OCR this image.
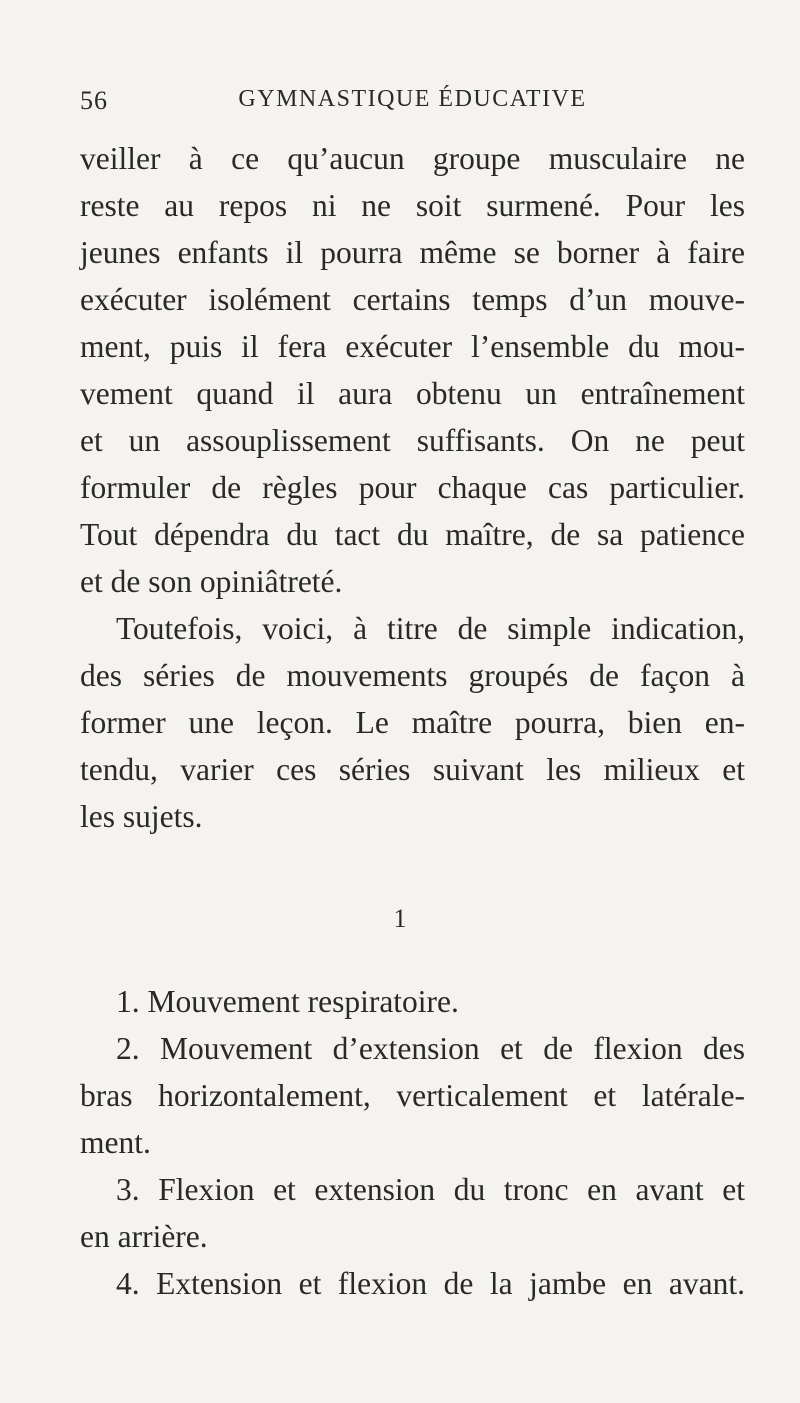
56	GYMNASTIQUE ÉDUCATIVE
veiller à ce qu’aucun groupe musculaire ne
reste au repos ni ne soit surmené. Pour les
jeunes enfants il pourra même se borner à faire
exécuter isolément certains temps d’un mouve-
ment, puis il fera exécuter l’ensemble du mou-
vement quand il aura obtenu un entraînement
et un assouplissement suffisants. On ne peut
formuler de règles pour chaque cas particulier.
Tout dépendra du tact du maître, de sa patience
et de son opiniâtreté.
Toutefois, voici, à titre de simple indication,
des séries de mouvements groupés de façon à
former une leçon. Le maître pourra, bien en-
tendu, varier ces séries suivant les milieux et
les sujets.
1
1. Mouvement respiratoire.
2. Mouvement d’extension et de flexion des
bras horizontalement, verticalement et latérale-
ment.
3. Flexion et extension du tronc en avant et
en arrière.
4. Extension et flexion de la jambe en avant.
